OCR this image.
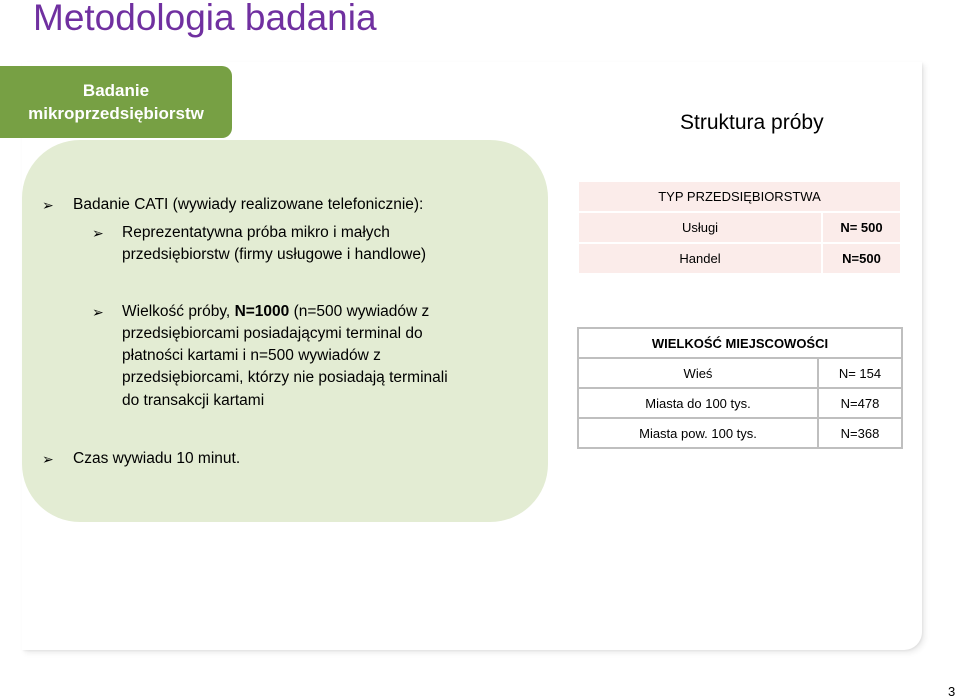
Metodologia badania
Badanie
mikroprzedsiębiorstw
➢ Badanie CATI (wywiady realizowane telefonicznie):
➢ Reprezentatywna próba mikro i małych
przedsiębiorstw (firmy usługowe i handlowe)
➢ Wielkość próby, N=1000 (n=500 wywiadów z
przedsiębiorcami posiadającymi terminal do
płatności kartami i n=500 wywiadów z
przedsiębiorcami, którzy nie posiadają terminali
do transakcji kartami
➢ Czas wywiadu 10 minut.
Struktura próby
TYP PRZEDSIĘBIORSTWA	
Usługi	N= 500
Handel	N=500
WIELKOŚĆ MIEJSCOWOŚCI	
Wieś	N= 154
Miasta do 100 tys.	N=478
Miasta pow. 100 tys.	N=368
3
